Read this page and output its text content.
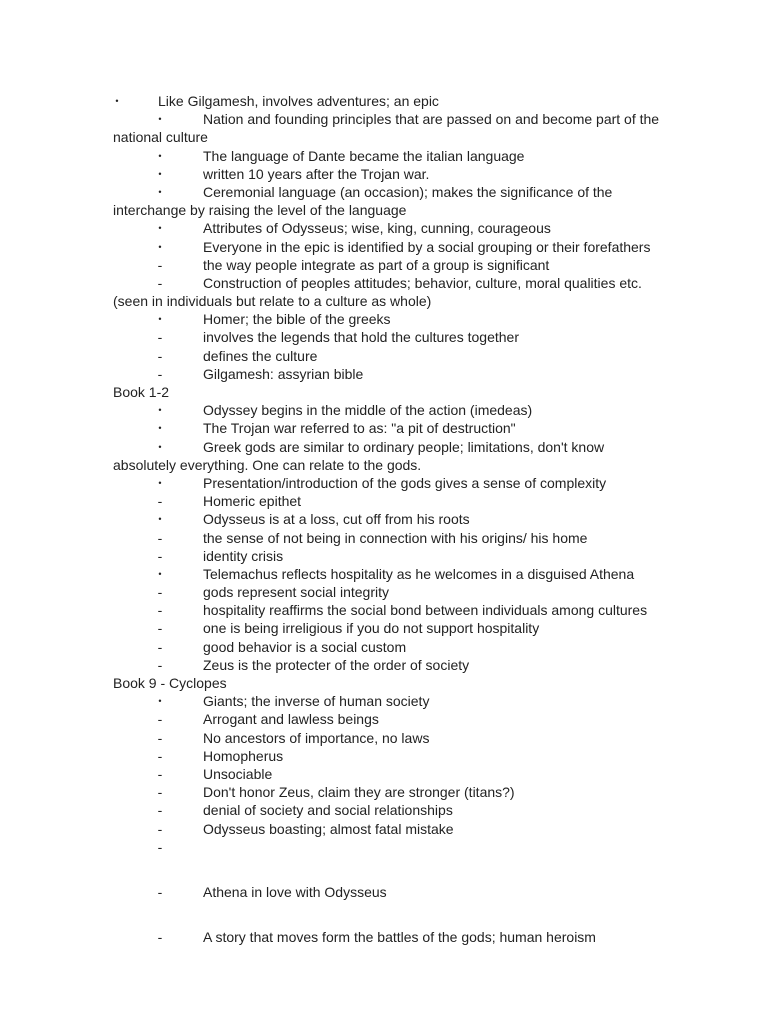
•	Like Gilgamesh, involves adventures; an epic
•	Nation and founding principles that are passed on and become part of the
national culture
•	The language of Dante became the italian language
•	written 10 years after the Trojan war.
•	Ceremonial language (an occasion); makes the significance of the
interchange by raising the level of the language
•	Attributes of Odysseus; wise, king, cunning, courageous
•	Everyone in the epic is identified by a social grouping or their forefathers
-	the way people integrate as part of a group is significant
-	Construction of peoples attitudes; behavior, culture, moral qualities etc.
(seen in individuals but relate to a culture as whole)
•	Homer; the bible of the greeks
-	involves the legends that hold the cultures together
-	defines the culture
-	Gilgamesh: assyrian bible
Book 1-2
•	Odyssey begins in the middle of the action (imedeas)
•	The Trojan war referred to as: "a pit of destruction"
•	Greek gods are similar to ordinary people; limitations, don't know
absolutely everything. One can relate to the gods.
•	Presentation/introduction of the gods gives a sense of complexity
-	Homeric epithet
•	Odysseus is at a loss, cut off from his roots
-	the sense of not being in connection with his origins/ his home
-	identity crisis
•	Telemachus reflects hospitality as he welcomes in a disguised Athena
-	gods represent social integrity
-	hospitality reaffirms the social bond between individuals among cultures
-	one is being irreligious if you do not support hospitality
-	good behavior is a social custom
-	Zeus is the protecter of the order of society
Book 9 - Cyclopes
•	Giants; the inverse of human society
-	Arrogant and lawless beings
-	No ancestors of importance, no laws
-	Homopherus
-	Unsociable
-	Don't honor Zeus, claim they are stronger (titans?)
-	denial of society and social relationships
-	Odysseus boasting; almost fatal mistake
-
-	Athena in love with Odysseus
-	A story that moves form the battles of the gods; human heroism
